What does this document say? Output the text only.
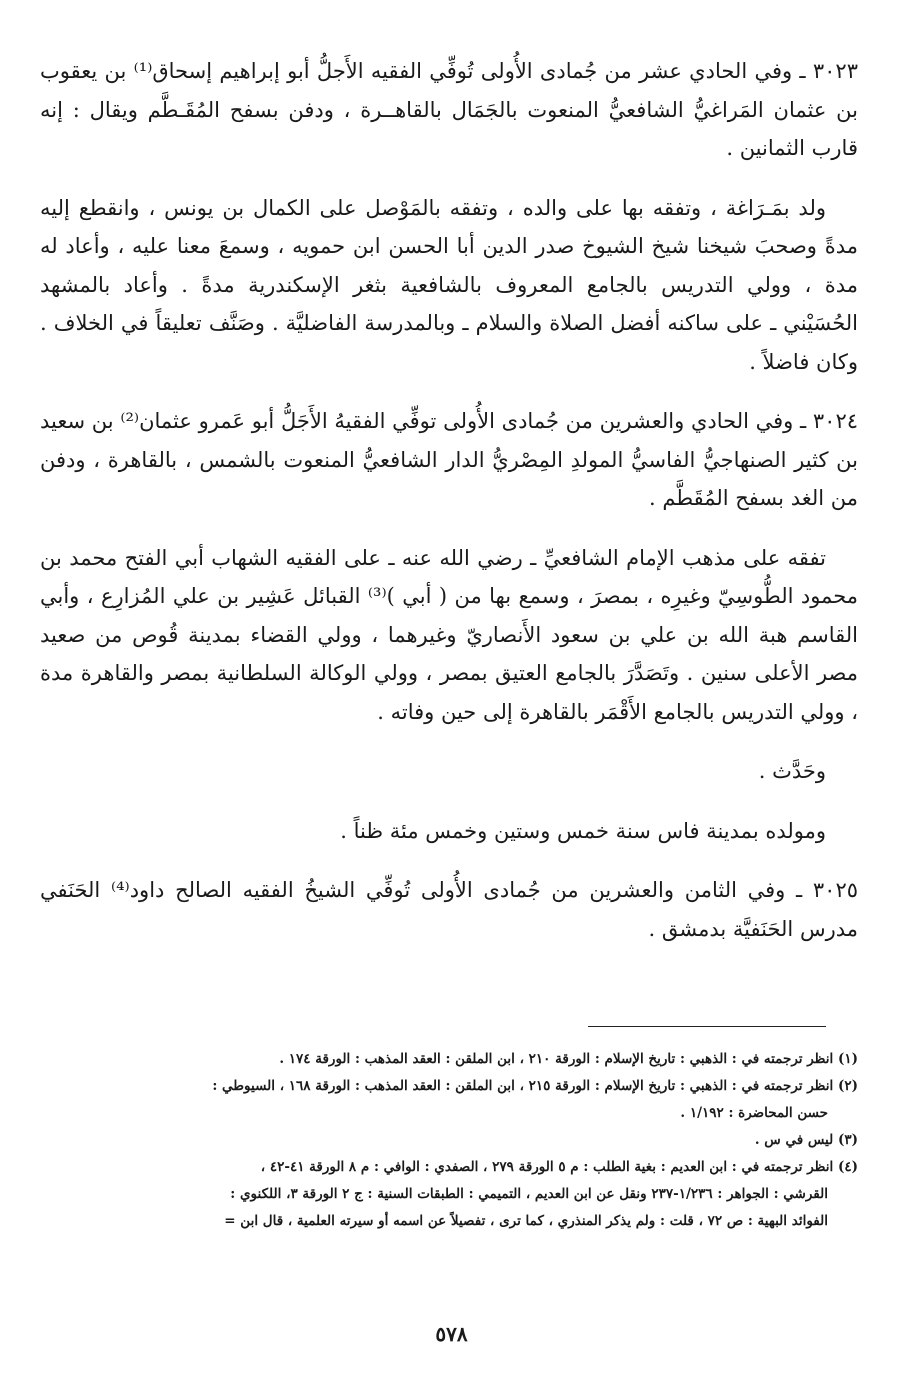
٣٠٢٣ ـ وفي الحادي عشر من جُمادى الأُولى تُوفِّي الفقيه الأَجلُّ أبو إبراهيم إسحاق⁽¹⁾ بن يعقوب بن عثمان المَراغيُّ الشافعيُّ المنعوت بالجَمَال بالقاهــرة ، ودفن بسفح المُقَـطَّم ويقال : إنه قارب الثمانين .

ولد بمَـرَاغة ، وتفقه بها على والده ، وتفقه بالمَوْصل على الكمال بن يونس ، وانقطع إليه مدةً وصحبَ شيخنا شيخ الشيوخ صدر الدين أبا الحسن ابن حمويه ، وسمعَ معنا عليه ، وأعاد له مدة ، وولي التدريس بالجامع المعروف بالشافعية بثغر الإسكندرية مدةً . وأعاد بالمشهد الحُسَيْني ـ على ساكنه أفضل الصلاة والسلام ـ وبالمدرسة الفاضليَّة . وصَنَّف تعليقاً في الخلاف . وكان فاضلاً .

٣٠٢٤ ـ وفي الحادي والعشرين من جُمادى الأُولى توفِّي الفقيهُ الأَجَلُّ أبو عَمرو عثمان⁽²⁾ بن سعيد بن كثير الصنهاجيُّ الفاسيُّ المولدِ المِصْريُّ الدار الشافعيُّ المنعوت بالشمس ، بالقاهرة ، ودفن من الغد بسفح المُقَطَّم .

تفقه على مذهب الإمام الشافعيِّ ـ رضي الله عنه ـ على الفقيه الشهاب أبي الفتح محمد بن محمود الطُّوسِيّ وغيرِه ، بمصرَ ، وسمع بها من ( أبي )⁽³⁾ القبائل عَشِير بن علي المُزارِع ، وأبي القاسم هبة الله بن علي بن سعود الأَنصاريّ وغيرهما ، وولي القضاء بمدينة قُوص من صعيد مصر الأعلى سنين . وتَصَدَّرَ بالجامع العتيق بمصر ، وولي الوكالة السلطانية بمصر والقاهرة مدة ، وولي التدريس بالجامع الأَقْمَر بالقاهرة إلى حين وفاته .

وحَدَّث .

ومولده بمدينة فاس سنة خمس وستين وخمس مئة ظناً .

٣٠٢٥ ـ وفي الثامن والعشرين من جُمادى الأُولى تُوفِّي الشيخُ الفقيه الصالح داود⁽⁴⁾ الحَنَفي مدرس الحَنَفيَّة بدمشق .

(١) انظر ترجمته في : الذهبي : تاريخ الإسلام : الورقة ٢١٠ ، ابن الملقن : العقد المذهب : الورقة ١٧٤ .

(٢) انظر ترجمته في : الذهبي : تاريخ الإسلام : الورقة ٢١٥ ، ابن الملقن : العقد المذهب : الورقة ١٦٨ ، السيوطي :

حسن المحاضرة : ١/١٩٢ .

(٣) ليس في س .

(٤) انظر ترجمته في : ابن العديم : بغية الطلب : م ٥ الورقة ٢٧٩ ، الصفدي : الوافي : م ٨ الورقة ٤١-٤٢ ،

القرشي : الجواهر : ١/٢٣٦-٢٣٧ ونقل عن ابن العديم ، التميمي : الطبقات السنية : ج ٢ الورقة ٣، اللكنوي :

الفوائد البهية : ص ٧٢ ، قلت : ولم يذكر المنذري ، كما ترى ، تفصيلاً عن اسمه أو سيرته العلمية ، قال ابن =

٥٧٨
